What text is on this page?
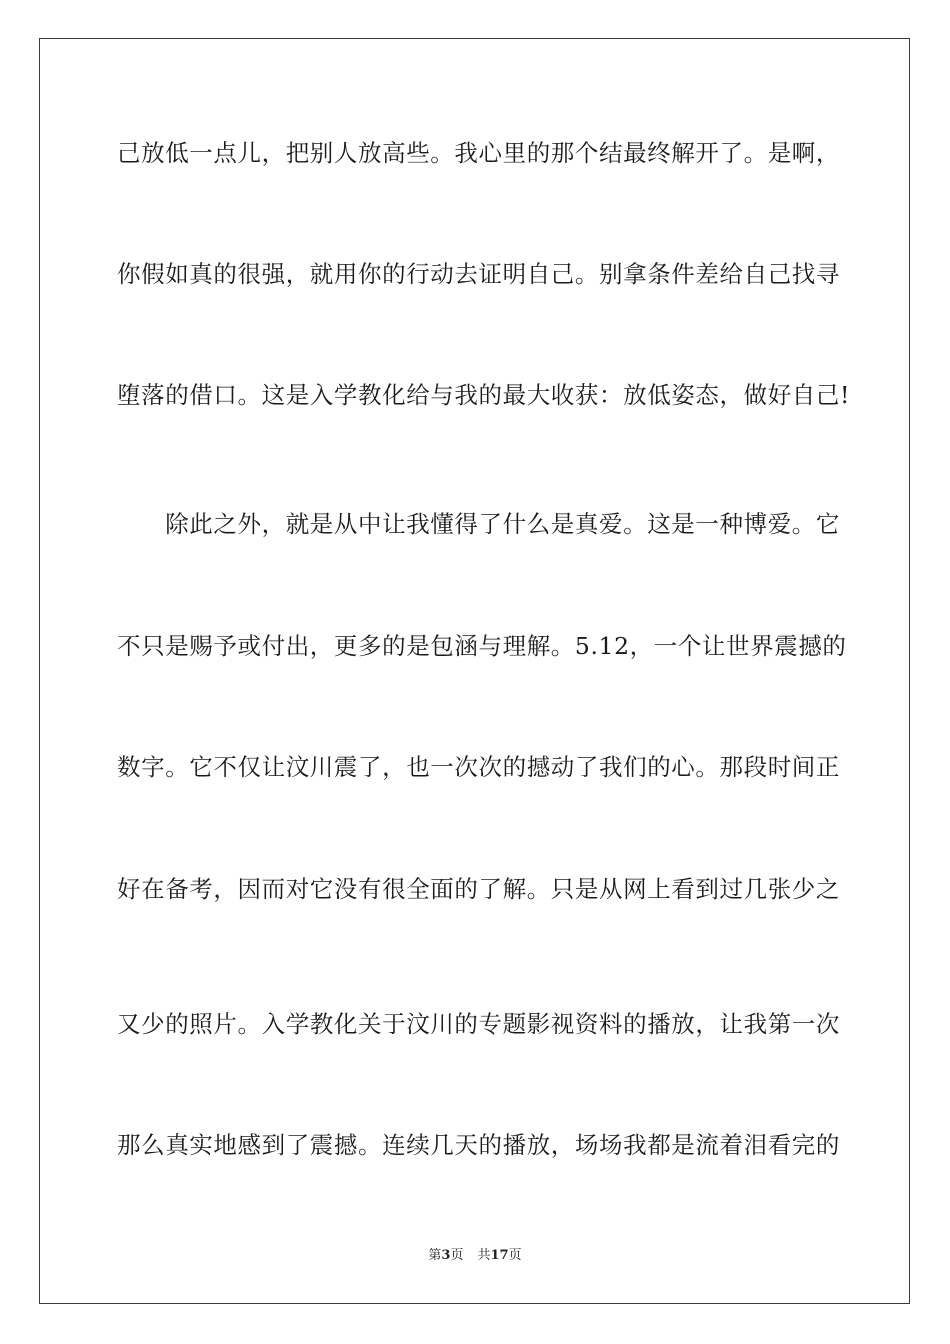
己放低一点儿，把别人放高些。我心里的那个结最终解开了。是啊，
你假如真的很强，就用你的行动去证明自己。别拿条件差给自己找寻
堕落的借口。这是入学教化给与我的最大收获：放低姿态，做好自己!
　　除此之外，就是从中让我懂得了什么是真爱。这是一种博爱。它
不只是赐予或付出，更多的是包涵与理解。5.12，一个让世界震撼的
数字。它不仅让汶川震了，也一次次的撼动了我们的心。那段时间正
好在备考，因而对它没有很全面的了解。只是从网上看到过几张少之
又少的照片。入学教化关于汶川的专题影视资料的播放，让我第一次
那么真实地感到了震撼。连续几天的播放，场场我都是流着泪看完的
第3页 共17页
